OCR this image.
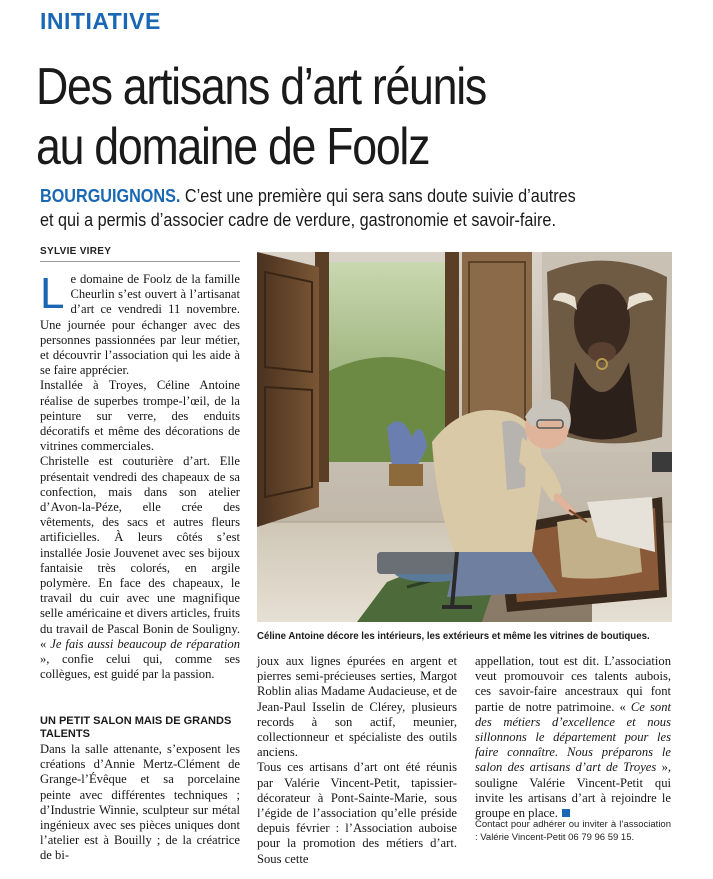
INITIATIVE
Des artisans d’art réunis
au domaine de Foolz
BOURGUIGNONS. C’est une première qui sera sans doute suivie d’autres
et qui a permis d’associer cadre de verdure, gastronomie et savoir-faire.
SYLVIE VIREY
L e domaine de Foolz de la famille Cheurlin s’est ouvert à l’artisanat d’art ce vendredi 11 novembre. Une journée pour échanger avec des personnes passionnées par leur métier, et découvrir l’association qui les aide à se faire apprécier.

Installée à Troyes, Céline Antoine réalise de superbes trompe-l’œil, de la peinture sur verre, des enduits décoratifs et même des décorations de vitrines commerciales.

Christelle est couturière d’art. Elle présentait vendredi des chapeaux de sa confection, mais dans son atelier d’Avon-la-Péze, elle crée des vêtements, des sacs et autres fleurs artificielles. À leurs côtés s’est installée Josie Jouvenet avec ses bijoux fantaisie très colorés, en argile polymère. En face des chapeaux, le travail du cuir avec une magnifique selle américaine et divers articles, fruits du travail de Pascal Bonin de Souligny. « Je fais aussi beaucoup de réparation », confie celui qui, comme ses collègues, est guidé par la passion.

UN PETIT SALON MAIS DE GRANDS TALENTS

Dans la salle attenante, s’exposent les créations d’Annie Mertz-Clément de Grange-l’Évêque et sa porcelaine peinte avec différentes techniques ; d’Industrie Winnie, sculpteur sur métal ingénieux avec ses pièces uniques dont l’atelier est à Bouilly ; de la créatrice de bi-

joux aux lignes épurées en argent et pierres semi-précieuses serties, Margot Roblin alias Madame Audacieuse, et de Jean-Paul Isselin de Clérey, plusieurs records à son actif, meunier, collectionneur et spécialiste des outils anciens.

Tous ces artisans d’art ont été réunis par Valérie Vincent-Petit, tapissier-décorateur à Pont-Sainte-Marie, sous l’égide de l’association qu’elle préside depuis février : l’Association auboise pour la promotion des métiers d’art. Sous cette

appellation, tout est dit. L’association veut promouvoir ces talents aubois, ces savoir-faire ancestraux qui font partie de notre patrimoine. « Ce sont des métiers d’excellence et nous sillonnons le département pour les faire connaître. Nous préparons le salon des artisans d’art de Troyes », souligne Valérie Vincent-Petit qui invite les artisans d’art à rejoindre le groupe en place.

Contact pour adhérer ou inviter à l’association : Valérie Vincent-Petit 06 79 96 59 15.
Céline Antoine décore les intérieurs, les extérieurs et même les vitrines de boutiques.
